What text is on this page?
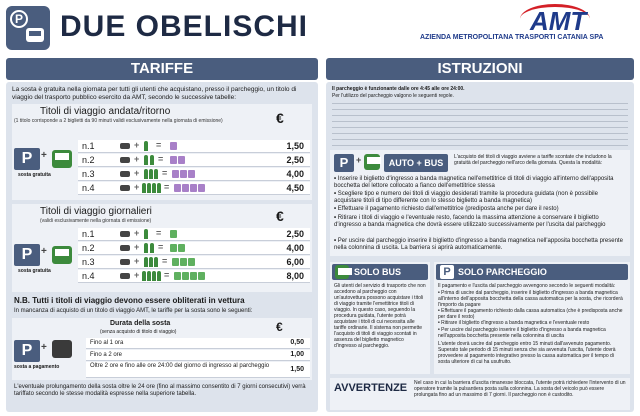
P DUE OBELISCHI	AMT
AZIENDA METROPOLITANA TRASPORTI CATANIA SPA
TARIFFE
La sosta è gratuita nella giornata per tutti gli utenti che acquistano, presso il parcheggio, un titolo di viaggio del trasporto pubblico esercito da AMT, secondo le successive tabelle:
Titoli di viaggio andata/ritorno
(1 titolo corrisponde a 2 biglietti da 90 minuti validi esclusivamente nella giornata di emissione)	€
P +
sosta gratuita
n.1	+ =	1,50
n.2	+ =	2,50
n.3	+	=	4,00
n.4	+	=	4,50
Titoli di viaggio giornalieri
(validi esclusivamente nella giornata di emissione)	€
P +
sosta gratuita
n.1	+ =	2,50
n.2	+ =	4,00
n.3	+	=	6,00
n.4	+	=	8,00
N.B. Tutti i titoli di viaggio devono essere obliterati in vettura
In mancanza di acquisto di un titolo di viaggio AMT, le tariffe per la sosta sono le seguenti:
P +
sosta a pagamento
Durata della sosta
(senza acquisto di titolo di viaggio)	€
Fino al 1 ora	0,50
Fino a 2 ore	1,00
Oltre 2 ore e fino alle ore 24:00 del giorno di ingresso al parcheggio	1,50
L'eventuale prolungamento della sosta oltre le 24 ore (fino al massimo consentito di 7 giorni consecutivi) verrà tariffato secondo le stesse modalità espresse nella superiore tabella.
ISTRUZIONI
Il parcheggio è funzionante dalle ore 4:45 alle ore 24:00.
Per l'utilizzo del parcheggio valgono le seguenti regole.
P +	AUTO + BUS
L'acquisto del titoli di viaggio avviene a tariffe scontate che includono la gratuità del parcheggio nell'arco della giornata. Questa la modalità:
• Inserire il biglietto d'ingresso a banda magnetica nell'emettitrice di titoli di viaggio all'interno dell'apposita bocchetta del lettore collocato a fianco dell'emettitrice stessa
• Scegliere tipo e numero dei titoli di viaggio desiderati tramite la procedura guidata (non è possibile acquistare titoli di tipo differente con lo stesso biglietto a banda magnetica)
• Effettuare il pagamento richiesto dall'emettitrice (prediposta anche per dare il resto)
• Ritirare i titoli di viaggio e l'eventuale resto, facendo la massima attenzione a conservare il biglietto d'ingresso a banda magnetica che dovrà essere utilizzato successivamente per l'uscita dal parcheggio
• Per uscire dal parcheggio inserire il biglietto d'ingresso a banda magnetica nell'apposita bocchetta presente nella colonnina di uscita. La barriera si aprirà automaticamente.
SOLO BUS
Gli utenti del servizio di trasporto che non accedono al parcheggio con un'autovettura possono acquistare i titoli di viaggio tramite l'emettitrice titoli di viaggio. In questo caso, seguendo la procedura guidata, l'utente potrà acquistare i titoli di cui necessita alle tariffe ordinarie. Il sistema non permette l'acquisto di titoli di viaggio scontati in assenza del biglietto magnetico d'ingresso al parcheggio.
P SOLO PARCHEGGIO
Il pagamento e l'uscita dal parcheggio avvengono secondo le seguenti modalità:
• Prima di uscire dal parcheggio, inserire il biglietto d'ingresso a banda magnetica all'interno dell'apposita bocchetta della cassa automatica per la sosta, che ricorderà l'importo da pagare
• Effettuare il pagamento richiesto dalla cassa automatica (che è predisposta anche per dare il resto)
• Ritirare il biglietto d'ingresso a banda magnetica e l'eventuale resto
• Per uscire dal parcheggio inserire il biglietto d'ingresso a banda magnetica nell'apposita bocchetta presente nella colonnina di uscita
L'utente dovrà uscire dal parcheggio entro 15 minuti dall'avvenuto pagamento. Superato tale periodo di 15 minuti senza che sia avvenuta l'uscita, l'utente dovrà provvedere al pagamento integrativo presso la cassa automatica per il tempo di sosta ulteriore di cui ha usufruito.
AVVERTENZE Nel caso in cui la barriera d'uscita rimanesse bloccata, l'utente potrà richiedere l'intervento di un operatore tramite la pulsantiera posta sulla colonnina. La sosta del veicolo può essere prolungata fino ad un massimo di 7 giorni. Il parcheggio non è custodito.
